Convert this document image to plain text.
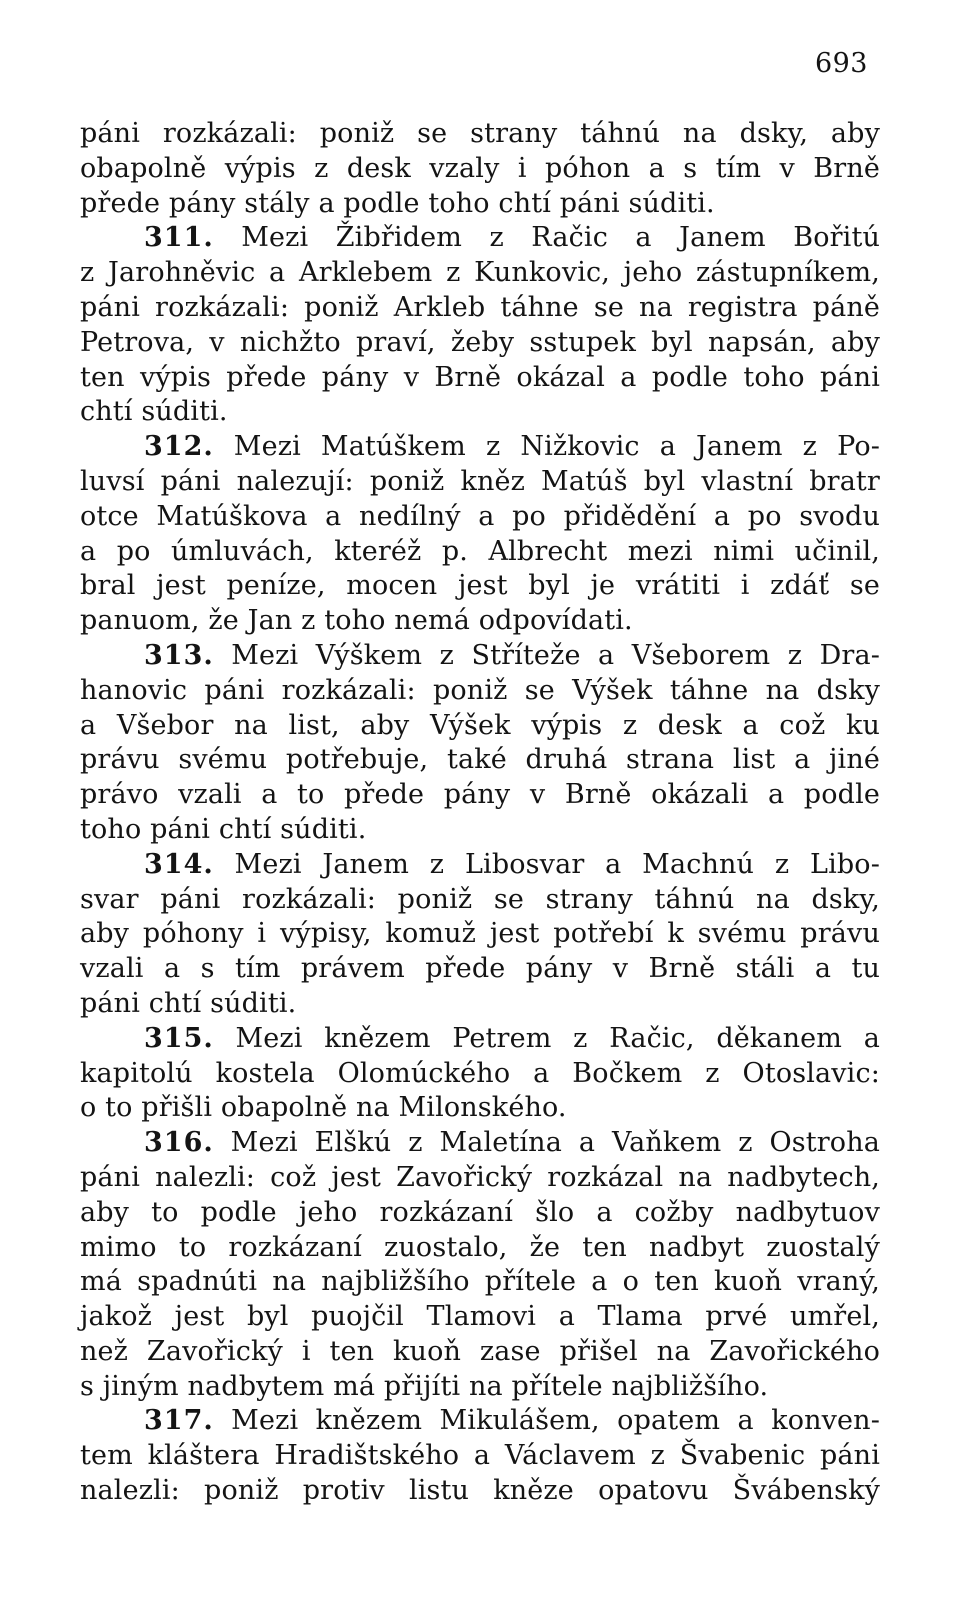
693
páni rozkázali: poniž se strany táhnú na dsky, aby
obapolně výpis z desk vzaly i póhon a s tím v Brně
přede pány stály a podle toho chtí páni súditi.
311. Mezi Žibřidem z Račic a Janem Bořitú
z Jarohněvic a Arklebem z Kunkovic, jeho zástupníkem,
páni rozkázali: poniž Arkleb táhne se na registra páně
Petrova, v nichžto praví, žeby sstupek byl napsán, aby
ten výpis přede pány v Brně okázal a podle toho páni
chtí súditi.
312. Mezi Matúškem z Nižkovic a Janem z Po-
luvsí páni nalezují: poniž kněz Matúš byl vlastní bratr
otce Matúškova a nedílný a po přidědění a po svodu
a po úmluvách, kteréž p. Albrecht mezi nimi učinil,
bral jest peníze, mocen jest byl je vrátiti i zdáť se
panuom, že Jan z toho nemá odpovídati.
313. Mezi Výškem z Stříteže a Všeborem z Dra-
hanovic páni rozkázali: poniž se Výšek táhne na dsky
a Všebor na list, aby Výšek výpis z desk a což ku
právu svému potřebuje, také druhá strana list a jiné
právo vzali a to přede pány v Brně okázali a podle
toho páni chtí súditi.
314. Mezi Janem z Libosvar a Machnú z Libo-
svar páni rozkázali: poniž se strany táhnú na dsky,
aby póhony i výpisy, komuž jest potřebí k svému právu
vzali a s tím právem přede pány v Brně stáli a tu
páni chtí súditi.
315. Mezi knězem Petrem z Račic, děkanem a
kapitolú kostela Olomúckého a Bočkem z Otoslavic:
o to přišli obapolně na Milonského.
316. Mezi Elškú z Maletína a Vaňkem z Ostroha
páni nalezli: což jest Zavořický rozkázal na nadbytech,
aby to podle jeho rozkázaní šlo a cožby nadbytuov
mimo to rozkázaní zuostalo, že ten nadbyt zuostalý
má spadnúti na najbližšího přítele a o ten kuoň vraný,
jakož jest byl puojčil Tlamovi a Tlama prvé umřel,
než Zavořický i ten kuoň zase přišel na Zavořického
s jiným nadbytem má přijíti na přítele najbližšího.
317. Mezi knězem Mikulášem, opatem a konven-
tem kláštera Hradištského a Václavem z Švabenic páni
nalezli: poniž protiv listu kněze opatovu Švábenský
